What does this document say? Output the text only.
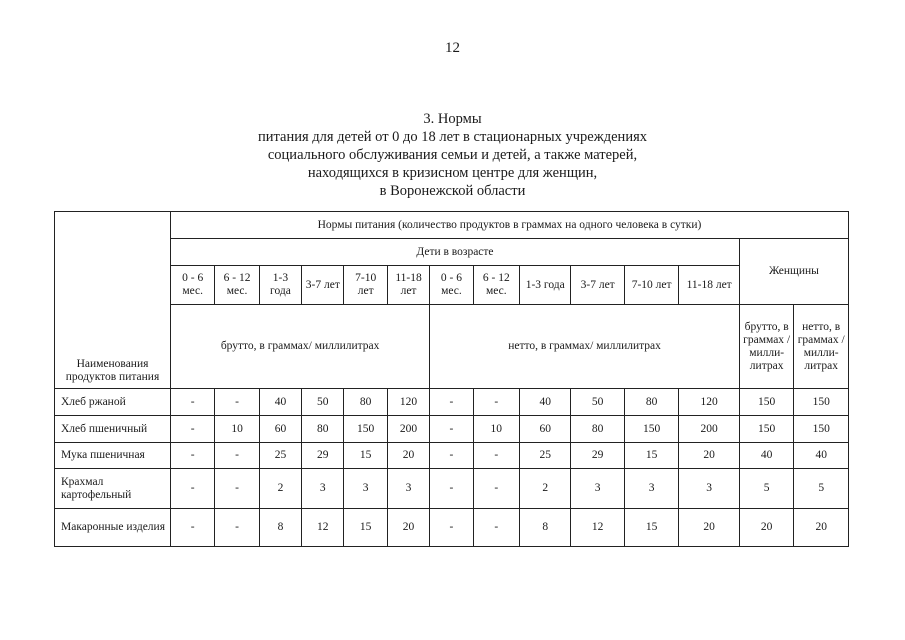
12
3. Нормы
питания для детей от 0 до 18 лет в стационарных учреждениях
социального обслуживания семьи и детей, а также матерей,
находящихся в кризисном центре для женщин,
в Воронежской области
Наименования продуктов питания	Нормы питания (количество продуктов в граммах на одного человека в сутки)													
	Дети в возрасте												Женщины	
	0 - 6 мес.	6 - 12 мес.	1-3 года	3-7 лет	7-10 лет	11-18 лет	0 - 6 мес.	6 - 12 мес.	1-3 года	3-7 лет	7-10 лет	11-18 лет		
	брутто, в граммах/ миллилитрах						нетто, в граммах/ миллилитрах						брутто, в граммах / милли-литрах	нетто, в граммах / милли-литрах
Хлеб ржаной	-	-	40	50	80	120	-	-	40	50	80	120	150	150
Хлеб пшеничный	-	10	60	80	150	200	-	10	60	80	150	200	150	150
Мука пшеничная	-	-	25	29	15	20	-	-	25	29	15	20	40	40
Крахмал картофельный	-	-	2	3	3	3	-	-	2	3	3	3	5	5
Макаронные изделия	-	-	8	12	15	20	-	-	8	12	15	20	20	20
